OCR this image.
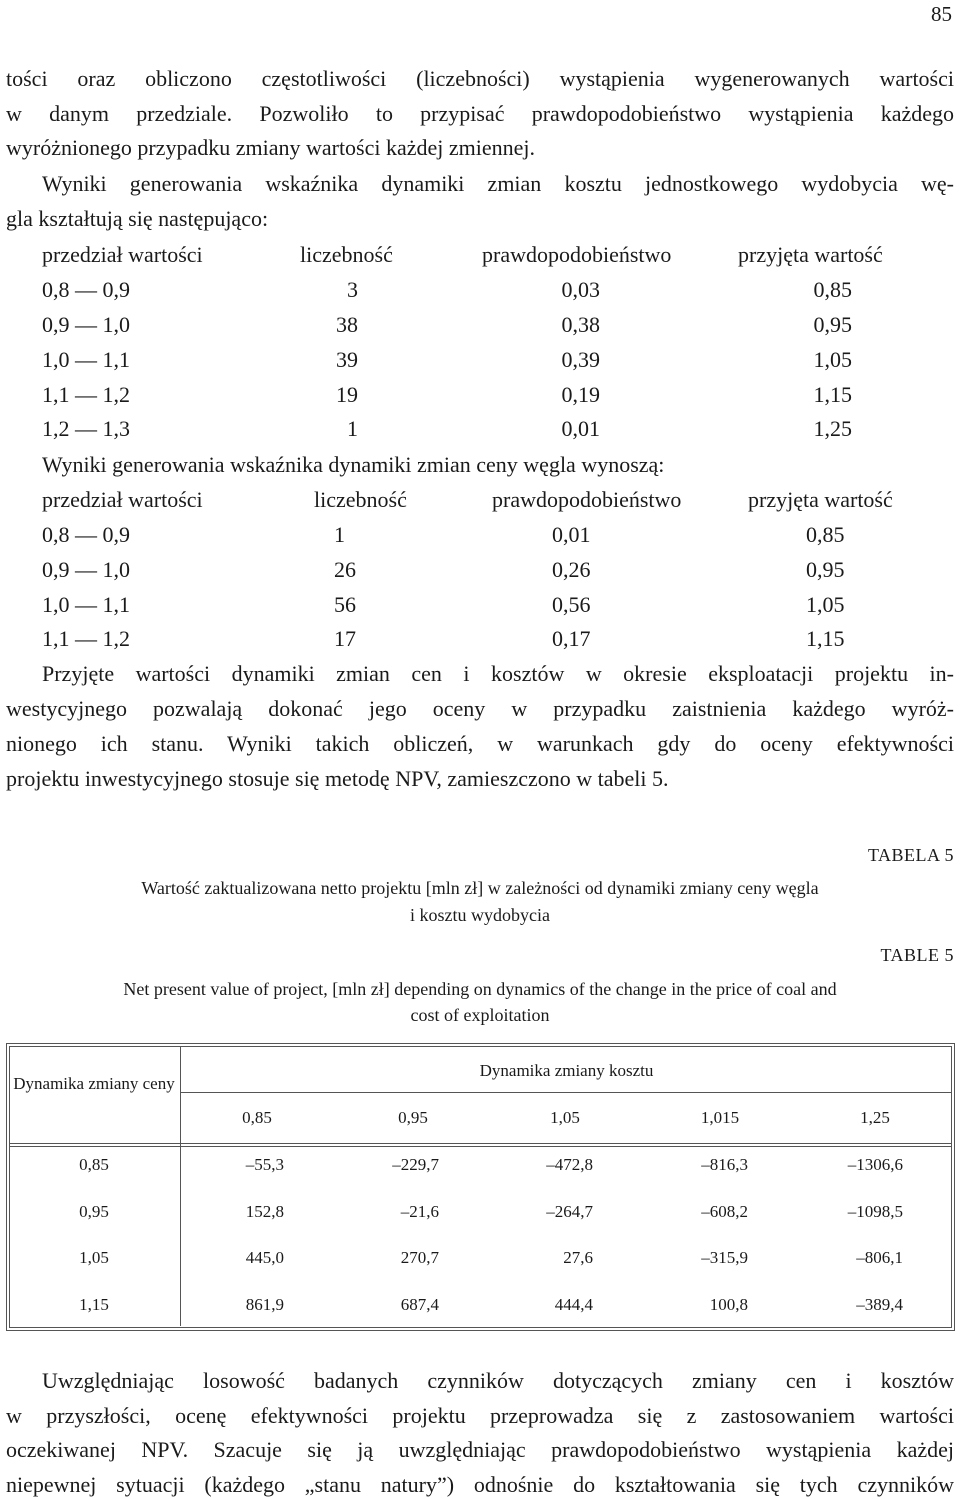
85
tości oraz obliczono częstotliwości (liczebności) wystąpienia wygenerowanych wartości
w danym przedziale. Pozwoliło to przypisać prawdopodobieństwo wystąpienia każdego
wyróżnionego przypadku zmiany wartości każdej zmiennej.
Wyniki generowania wskaźnika dynamiki zmian kosztu jednostkowego wydobycia wę-
gla kształtują się następująco:
przedział wartości	liczebność	prawdopodobieństwo	przyjęta wartość
0,8 — 0,9	3	0,03	0,85
0,9 — 1,0	38	0,38	0,95
1,0 — 1,1	39	0,39	1,05
1,1 — 1,2	19	0,19	1,15
1,2 — 1,3	1	0,01	1,25
Wyniki generowania wskaźnika dynamiki zmian ceny węgla wynoszą:
przedział wartości	liczebność	prawdopodobieństwo	przyjęta wartość
0,8 — 0,9	1	0,01	0,85
0,9 — 1,0	26	0,26	0,95
1,0 — 1,1	56	0,56	1,05
1,1 — 1,2	17	0,17	1,15
Przyjęte wartości dynamiki zmian cen i kosztów w okresie eksploatacji projektu in-
westycyjnego pozwalają dokonać jego oceny w przypadku zaistnienia każdego wyróż-
nionego ich stanu. Wyniki takich obliczeń, w warunkach gdy do oceny efektywności
projektu inwestycyjnego stosuje się metodę NPV, zamieszczono w tabeli 5.
TABELA 5
Wartość zaktualizowana netto projektu [mln zł] w zależności od dynamiki zmiany ceny węgla
i kosztu wydobycia
TABLE 5
Net present value of project, [mln zł] depending on dynamics of the change in the price of coal and
cost of exploitation
Dynamika zmiany ceny
Dynamika zmiany kosztu
0,85	0,95	1,05	1,015	1,25
0,85	–55,3	–229,7	–472,8	–816,3	–1306,6
0,95	152,8	–21,6	–264,7	–608,2	–1098,5
1,05	445,0	270,7	27,6	–315,9	–806,1
1,15	861,9	687,4	444,4	100,8	–389,4
Uwzględniając losowość badanych czynników dotyczących zmiany cen i kosztów
w przyszłości, ocenę efektywności projektu przeprowadza się z zastosowaniem wartości
oczekiwanej NPV. Szacuje się ją uwzględniając prawdopodobieństwo wystąpienia każdej
niepewnej sytuacji (każdego „stanu natury”) odnośnie do kształtowania się tych czynników
